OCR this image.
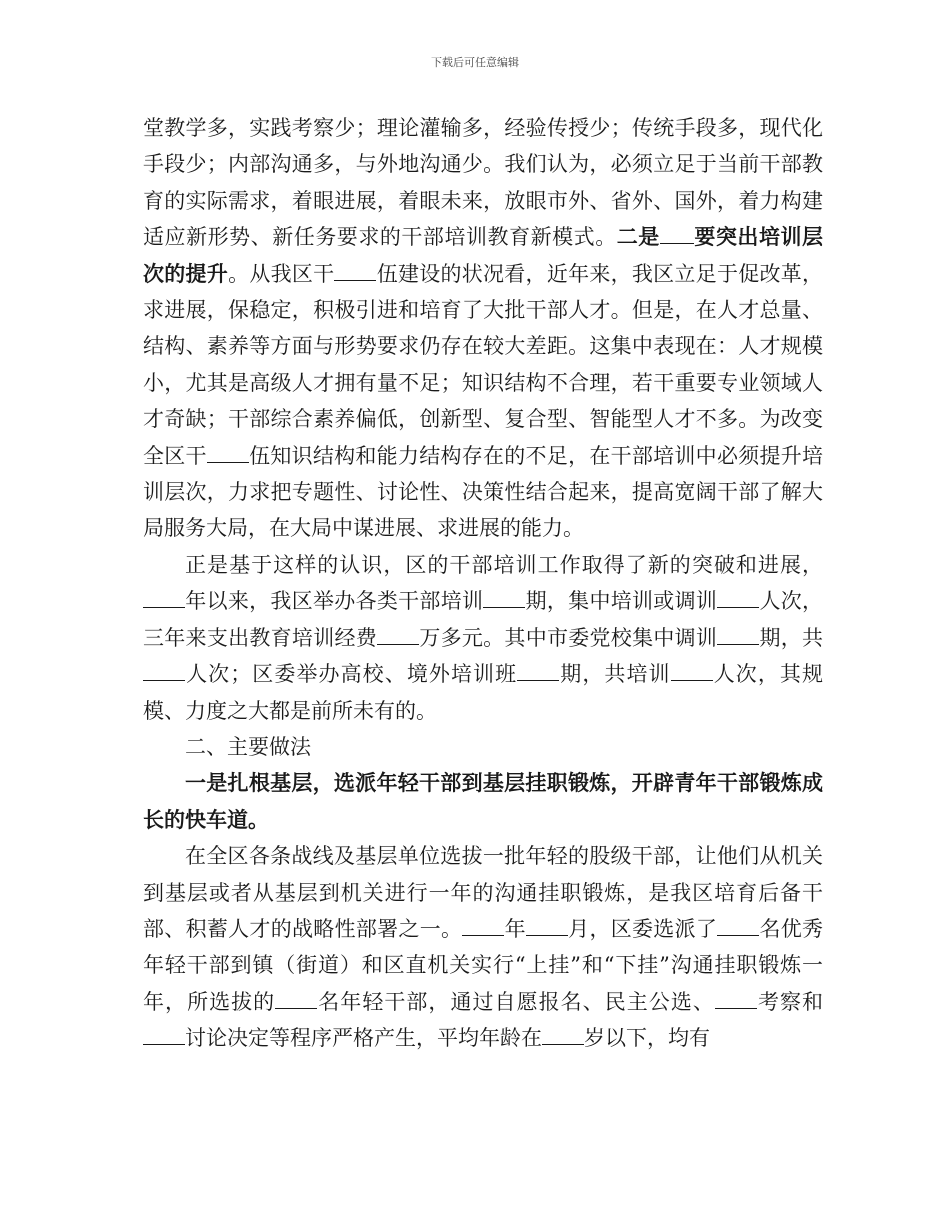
下载后可任意编辑

堂教学多，实践考察少；理论灌输多，经验传授少；传统手段多，现代化手段少；内部沟通多，与外地沟通少。我们认为，必须立足于当前干部教育的实际需求，着眼进展，着眼未来，放眼市外、省外、国外，着力构建适应新形势、新任务要求的干部培训教育新模式。二是 要突出培训层次的提升。从我区干 伍建设的状况看，近年来，我区立足于促改革，求进展，保稳定，积极引进和培育了大批干部人才。但是，在人才总量、结构、素养等方面与形势要求仍存在较大差距。这集中表现在：人才规模小，尤其是高级人才拥有量不足；知识结构不合理，若干重要专业领域人才奇缺；干部综合素养偏低，创新型、复合型、智能型人才不多。为改变全区干 伍知识结构和能力结构存在的不足，在干部培训中必须提升培训层次，力求把专题性、讨论性、决策性结合起来，提高宽阔干部了解大局服务大局，在大局中谋进展、求进展的能力。

正是基于这样的认识，区的干部培训工作取得了新的突破和进展，年以来，我区举办各类干部培训 期，集中培训或调训 人次，三年来支出教育培训经费 万多元。其中市委党校集中调训 期，共人次；区委举办高校、境外培训班 期，共培训 人次，其规模、力度之大都是前所未有的。

二、主要做法

一是扎根基层，选派年轻干部到基层挂职锻炼，开辟青年干部锻炼成长的快车道。

在全区各条战线及基层单位选拔一批年轻的股级干部，让他们从机关到基层或者从基层到机关进行一年的沟通挂职锻炼，是我区培育后备干部、积蓄人才的战略性部署之一。 年 月，区委选派了 名优秀年轻干部到镇（街道）和区直机关实行“上挂”和“下挂”沟通挂职锻炼一年，所选拔的 名年轻干部，通过自愿报名、民主公选、 考察和讨论决定等程序严格产生，平均年龄在 岁以下，均有
